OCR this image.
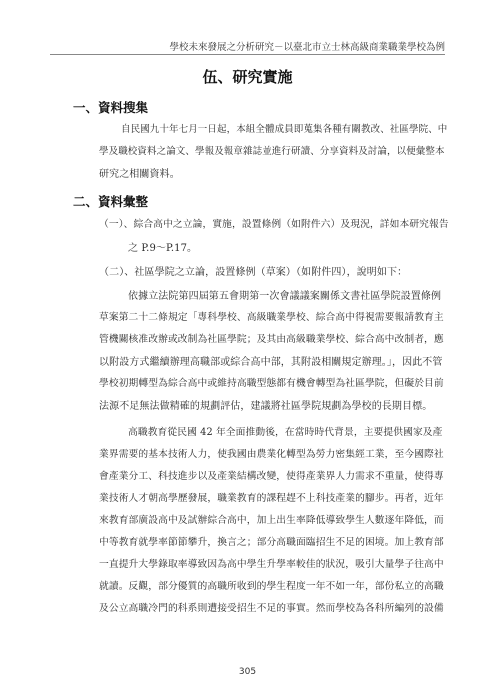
學校未來發展之分析研究－以臺北市立士林高級商業職業學校為例
伍、研究實施
一、資料搜集
自民國九十年七月一日起，本組全體成員即蒐集各種有關教改、社區學院、中
學及職校資料之論文、學報及報章雜誌並進行研讀、分享資料及討論，以便彙整本
研究之相關資料。
二、資料彙整
（一）、綜合高中之立論，實施，設置條例（如附件六）及現況，詳如本研究報告
之 P.9～P.17。
（二）、社區學院之立論，設置條例（草案）（如附件四），說明如下：
依據立法院第四屆第五會期第一次會議議案關係文書社區學院設置條例
草案第二十二條規定「專科學校、高級職業學校、綜合高中得視需要報請教育主
管機關核准改辦或改制為社區學院；及其由高級職業學校、綜合高中改制者，應
以附設方式繼續辦理高職部或綜合高中部，其附設相關規定辦理。」，因此不管
學校初期轉型為綜合高中或維持高職型態都有機會轉型為社區學院，但礙於目前
法源不足無法做精確的規劃評估，建議將社區學院規劃為學校的長期目標。
高職教育從民國 42 年全面推動後，在當時時代背景，主要提供國家及產
業界需要的基本技術人力，使我國由農業化轉型為勞力密集經工業，至今國際社
會產業分工、科技進步以及產業結構改變，使得產業界人力需求不重量，使得專
業技術人才朝高學歷發展，職業教育的課程趕不上科技產業的腳步。再者，近年
來教育部廣設高中及試辦綜合高中，加上出生率降低導致學生人數逐年降低，而
中等教育就學率節節攀升，換言之；部分高職面臨招生不足的困境。加上教育部
一直提升大學錄取率導致因為高中學生升學率較佳的狀況，吸引大量學子往高中
就讀。反觀，部分優質的高職所收到的學生程度一年不如一年，部份私立的高職
及公立高職冷門的科系則遭接受招生不足的事實。然而學校為各科所編列的設備
305
